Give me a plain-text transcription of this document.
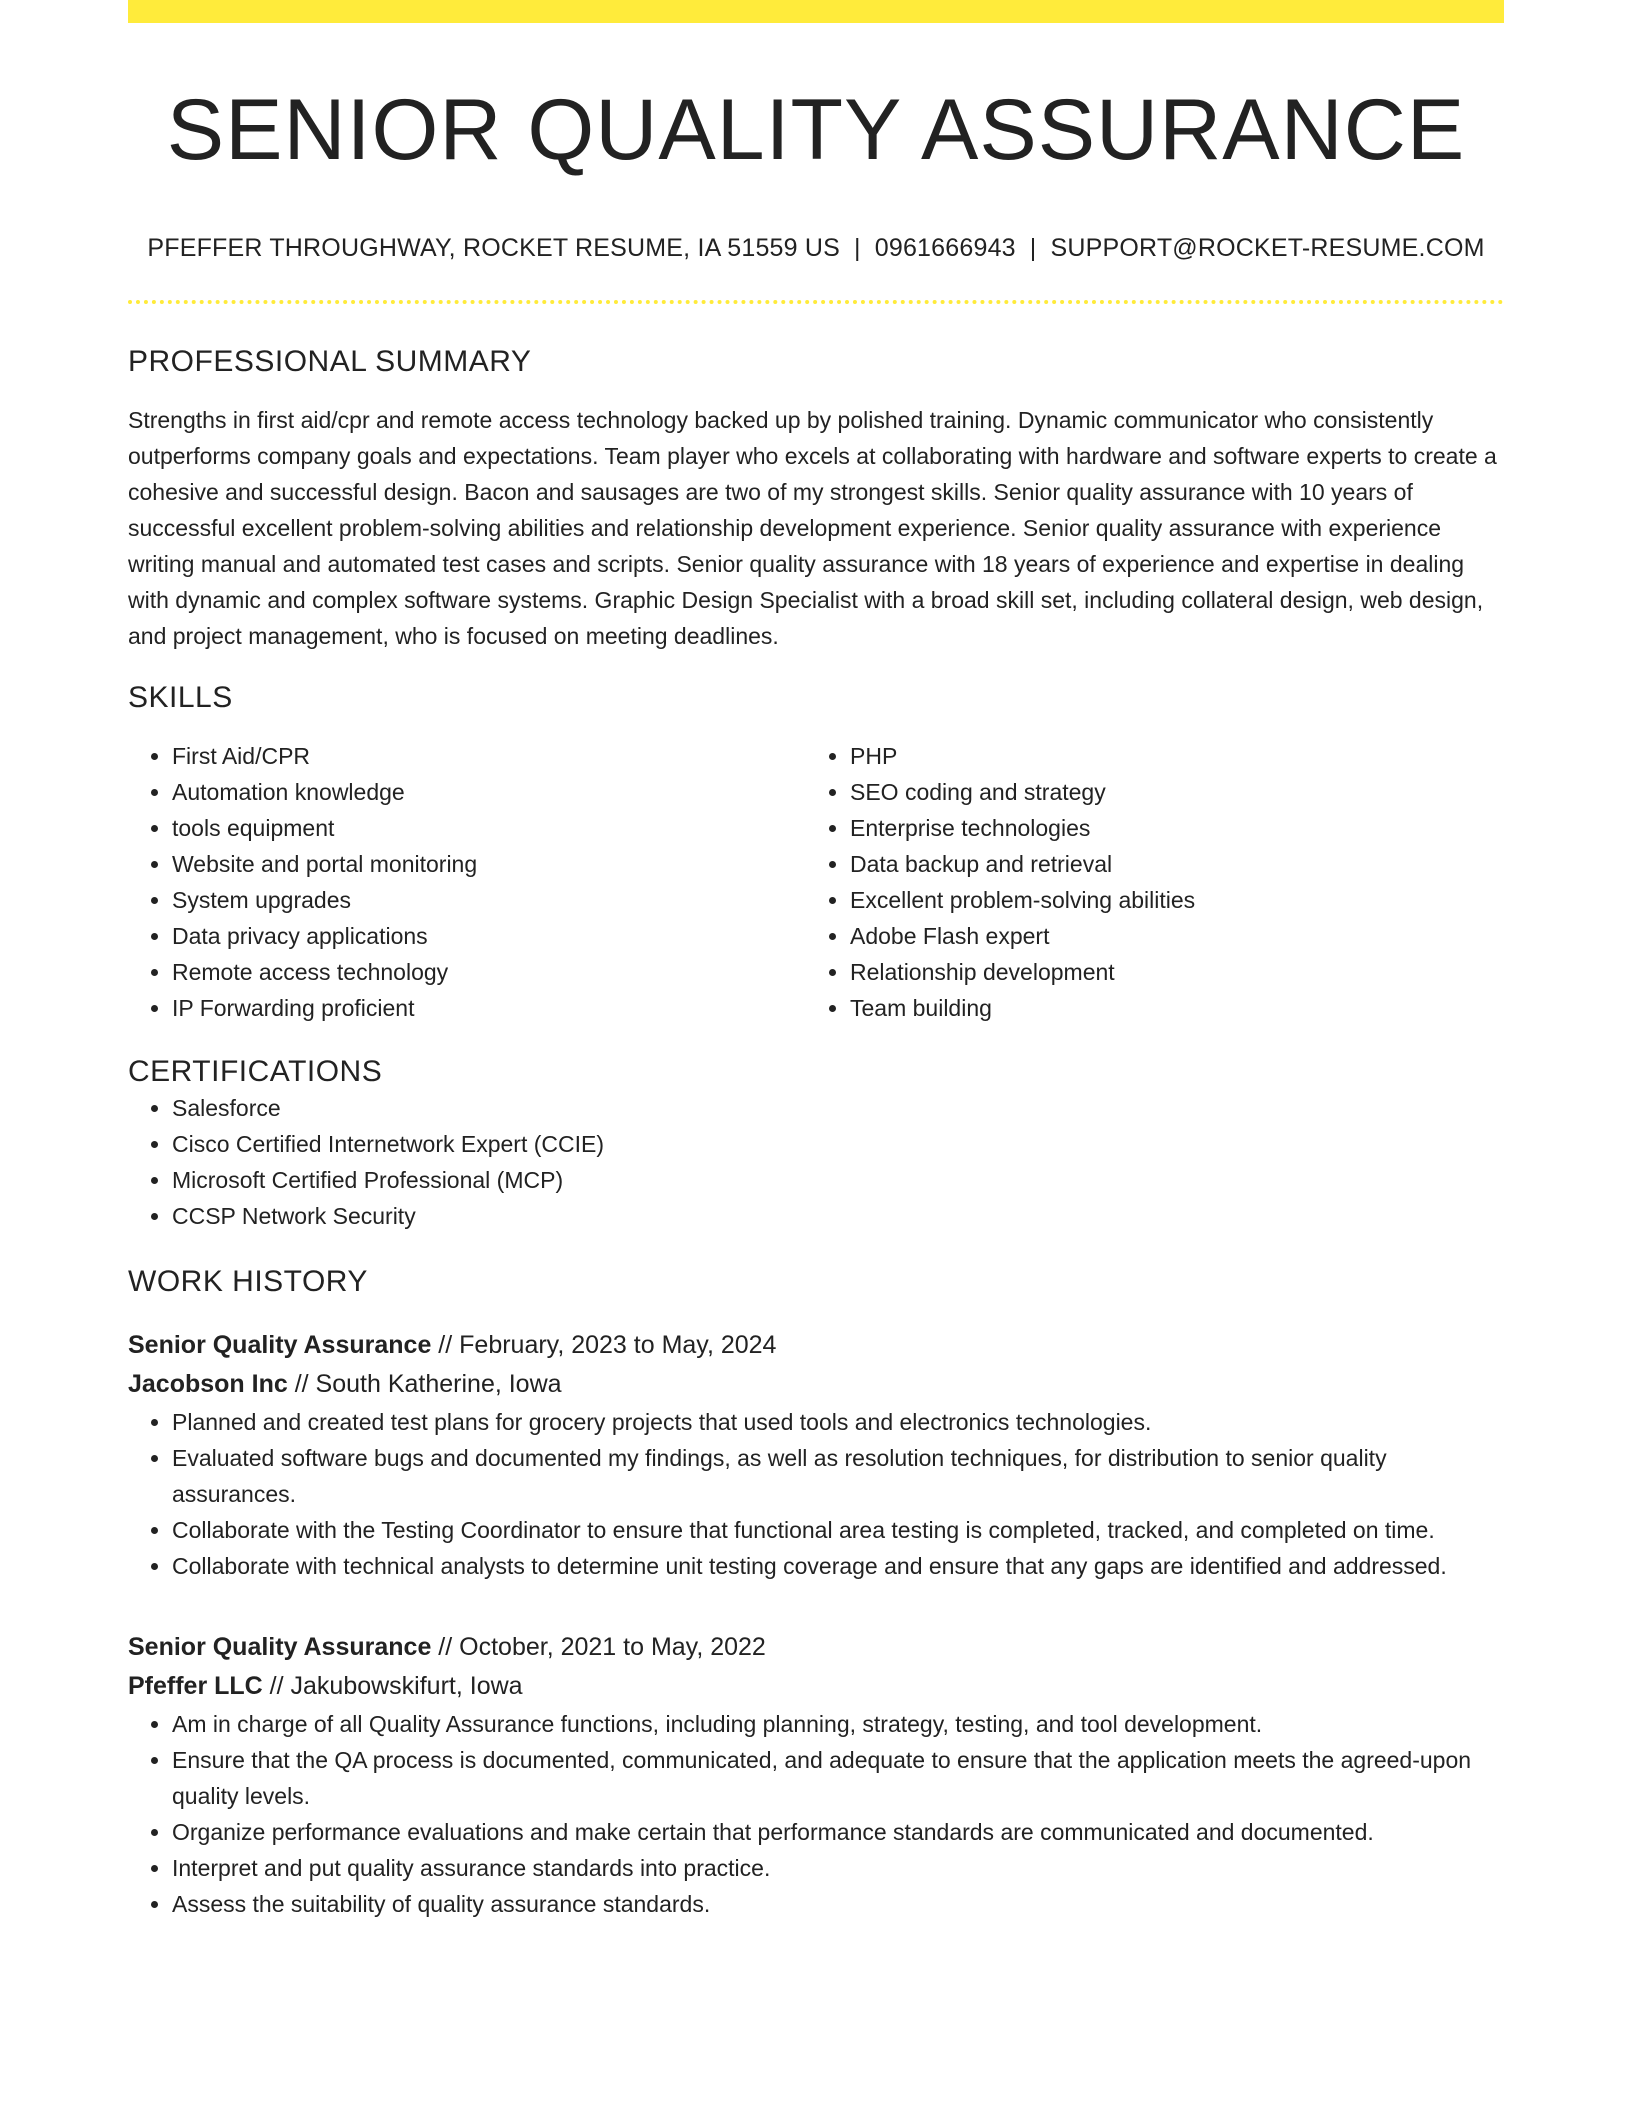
SENIOR QUALITY ASSURANCE
PFEFFER THROUGHWAY, ROCKET RESUME, IA 51559 US | 0961666943 | SUPPORT@ROCKET-RESUME.COM
PROFESSIONAL SUMMARY
Strengths in first aid/cpr and remote access technology backed up by polished training. Dynamic communicator who consistently outperforms company goals and expectations. Team player who excels at collaborating with hardware and software experts to create a cohesive and successful design. Bacon and sausages are two of my strongest skills. Senior quality assurance with 10 years of successful excellent problem-solving abilities and relationship development experience. Senior quality assurance with experience writing manual and automated test cases and scripts. Senior quality assurance with 18 years of experience and expertise in dealing with dynamic and complex software systems. Graphic Design Specialist with a broad skill set, including collateral design, web design, and project management, who is focused on meeting deadlines.
SKILLS
• First Aid/CPR
• Automation knowledge
• tools equipment
• Website and portal monitoring
• System upgrades
• Data privacy applications
• Remote access technology
• IP Forwarding proficient
• PHP
• SEO coding and strategy
• Enterprise technologies
• Data backup and retrieval
• Excellent problem-solving abilities
• Adobe Flash expert
• Relationship development
• Team building
CERTIFICATIONS
• Salesforce
• Cisco Certified Internetwork Expert (CCIE)
• Microsoft Certified Professional (MCP)
• CCSP Network Security
WORK HISTORY
Senior Quality Assurance // February, 2023 to May, 2024
Jacobson Inc // South Katherine, Iowa
• Planned and created test plans for grocery projects that used tools and electronics technologies.
• Evaluated software bugs and documented my findings, as well as resolution techniques, for distribution to senior quality assurances.
• Collaborate with the Testing Coordinator to ensure that functional area testing is completed, tracked, and completed on time.
• Collaborate with technical analysts to determine unit testing coverage and ensure that any gaps are identified and addressed.
Senior Quality Assurance // October, 2021 to May, 2022
Pfeffer LLC // Jakubowskifurt, Iowa
• Am in charge of all Quality Assurance functions, including planning, strategy, testing, and tool development.
• Ensure that the QA process is documented, communicated, and adequate to ensure that the application meets the agreed-upon quality levels.
• Organize performance evaluations and make certain that performance standards are communicated and documented.
• Interpret and put quality assurance standards into practice.
• Assess the suitability of quality assurance standards.
